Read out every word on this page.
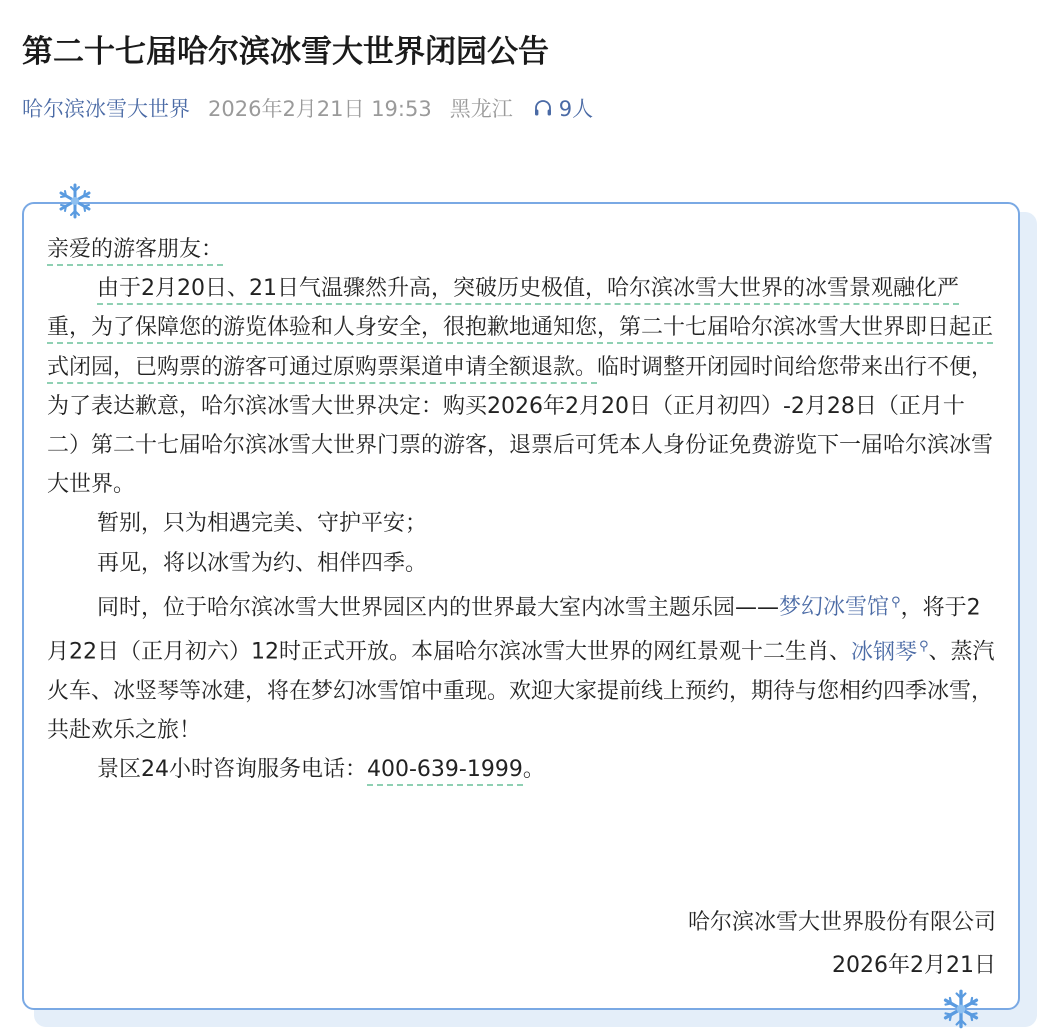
第二十七届哈尔滨冰雪大世界闭园公告
哈尔滨冰雪大世界 2026年2月21日 19:53 黑龙江 9人

亲爱的游客朋友：

由于2月20日、21日气温骤然升高，突破历史极值，哈尔滨冰雪大世界的冰雪景观融化严重，为了保障您的游览体验和人身安全，很抱歉地通知您，第二十七届哈尔滨冰雪大世界即日起正式闭园，已购票的游客可通过原购票渠道申请全额退款。临时调整开闭园时间给您带来出行不便，为了表达歉意，哈尔滨冰雪大世界决定：购买2026年2月20日（正月初四）-2月28日（正月十二）第二十七届哈尔滨冰雪大世界门票的游客，退票后可凭本人身份证免费游览下一届哈尔滨冰雪大世界。

暂别，只为相遇完美、守护平安；

再见，将以冰雪为约、相伴四季。

同时，位于哈尔滨冰雪大世界园区内的世界最大室内冰雪主题乐园——梦幻冰雪馆 ⚲，将于2月22日（正月初六）12时正式开放。本届哈尔滨冰雪大世界的网红景观十二生肖、冰钢琴 ⚲、蒸汽火车、冰竖琴等冰建，将在梦幻冰雪馆中重现。欢迎大家提前线上预约，期待与您相约四季冰雪，共赴欢乐之旅！

景区24小时咨询服务电话：400-639-1999。

哈尔滨冰雪大世界股份有限公司
2026年2月21日
